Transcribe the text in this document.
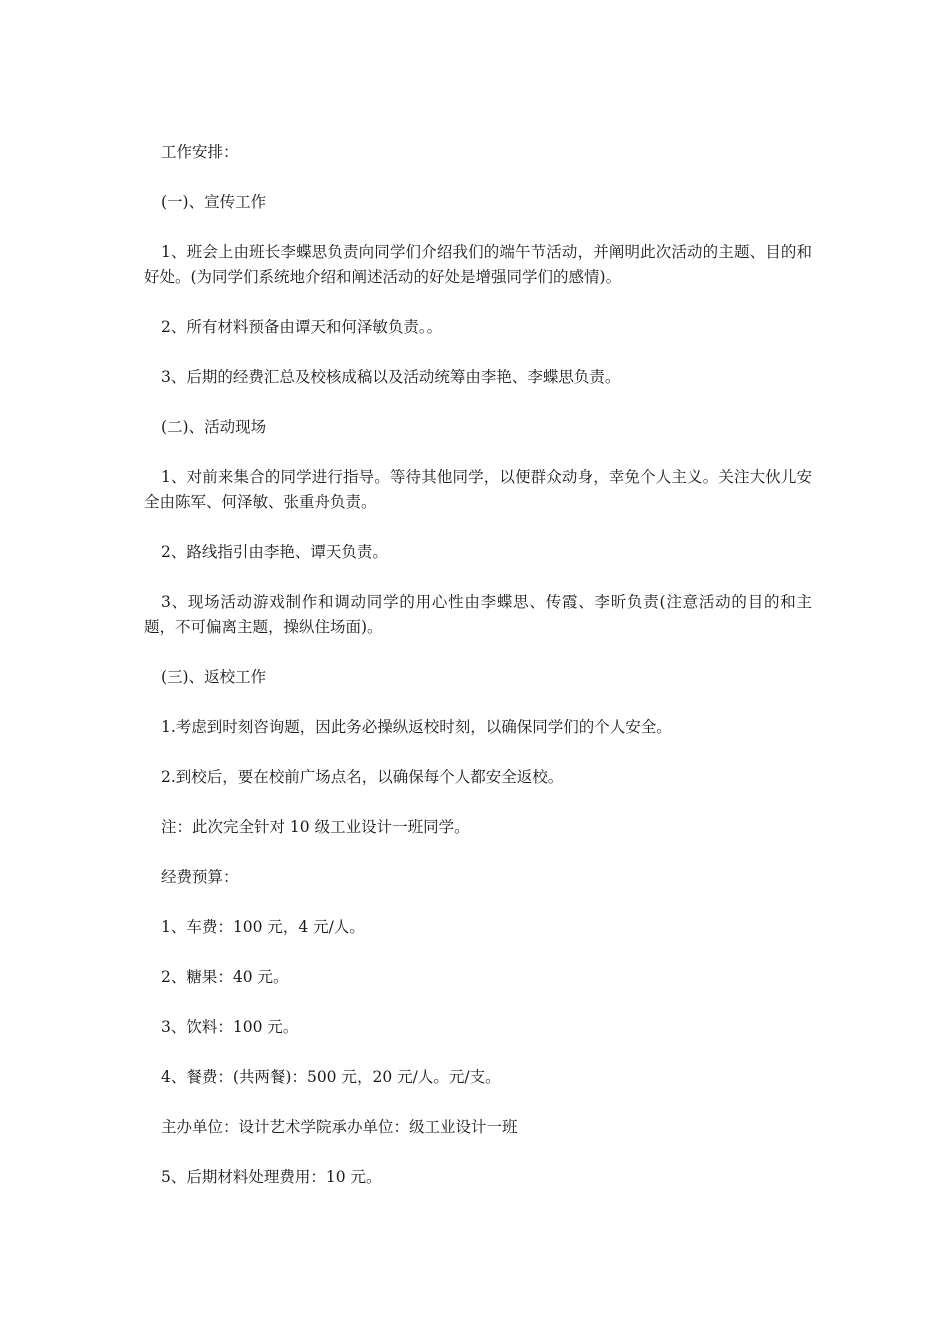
工作安排：

(一)、宣传工作

1、班会上由班长李蝶思负责向同学们介绍我们的端午节活动，并阐明此次活动的主题、目的和好处。(为同学们系统地介绍和阐述活动的好处是增强同学们的感情)。

2、所有材料预备由谭天和何泽敏负责。。

3、后期的经费汇总及校核成稿以及活动统筹由李艳、李蝶思负责。

(二)、活动现场

1、对前来集合的同学进行指导。等待其他同学，以便群众动身，幸免个人主义。关注大伙儿安全由陈军、何泽敏、张重舟负责。

2、路线指引由李艳、谭天负责。

3、现场活动游戏制作和调动同学的用心性由李蝶思、传霞、李昕负责(注意活动的目的和主题，不可偏离主题，操纵住场面)。

(三)、返校工作

1.考虑到时刻咨询题，因此务必操纵返校时刻，以确保同学们的个人安全。

2.到校后，要在校前广场点名，以确保每个人都安全返校。

注：此次完全针对 10 级工业设计一班同学。

经费预算：

1、车费：100 元，4 元/人。

2、糖果：40 元。

3、饮料：100 元。

4、餐费：(共两餐)：500 元，20 元/人。元/支。

主办单位：设计艺术学院承办单位：级工业设计一班

5、后期材料处理费用：10 元。
